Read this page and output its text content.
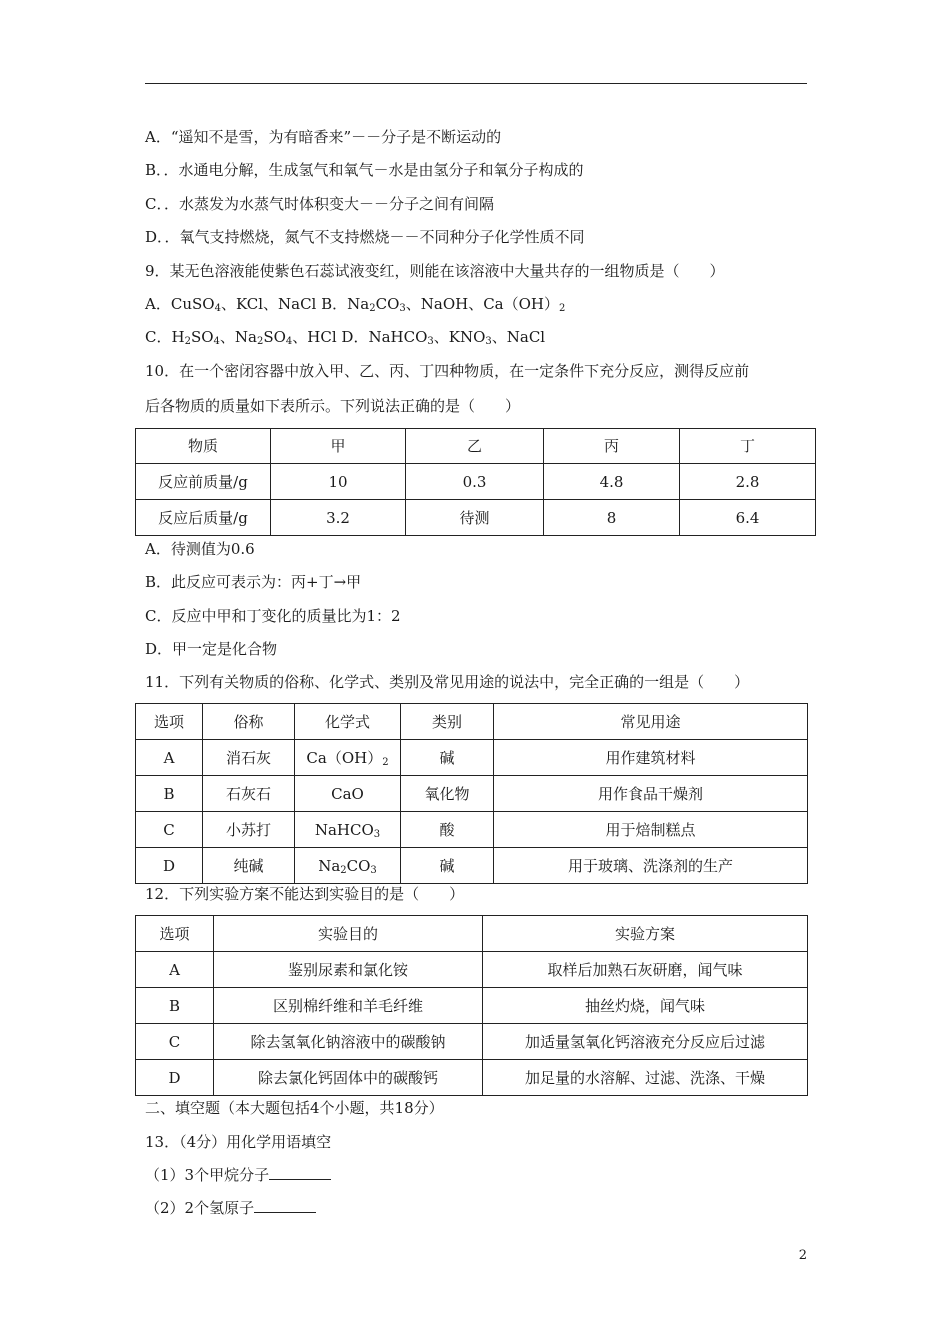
A．“遥知不是雪，为有暗香来”－－分子是不断运动的
B．．水通电分解，生成氢气和氧气－水是由氢分子和氧分子构成的
C．．水蒸发为水蒸气时体积变大－－分子之间有间隔
D．．氧气支持燃烧，氮气不支持燃烧－－不同种分子化学性质不同
9．某无色溶液能使紫色石蕊试液变红，则能在该溶液中大量共存的一组物质是（　　）
A．CuSO$_4$、KCl、NaCl B．$Na_2CO_3$、NaOH、$Ca(OH)_2$
C．$H_2SO_4$、$Na_2SO_4$、HCl D．NaHCO$_3$、$KNO_3$、NaCl
10．在一个密闭容器中放入甲、乙、丙、丁四种物质，在一定条件下充分反应，测得反应前
后各物质的质量如下表所示。下列说法正确的是（　　）
物质	甲	乙	丙	丁
反应前质量/g	10	0.3	4.8	2.8
反应后质量/g	3.2	待测	8	6.4
A．待测值为0.6
B．此反应可表示为：丙+丁→甲
C．反应中甲和丁变化的质量比为1：2
D．甲一定是化合物
11．下列有关物质的俗称、化学式、类别及常见用途的说法中，完全正确的一组是（　　）
选项	俗称	化学式	类别	常见用途
A	消石灰	$Ca(OH)_2$	碱	用作建筑材料
B	石灰石	CaO	氧化物	用作食品干燥剂
C	小苏打	NaHCO$_3$	酸	用于焙制糕点
D	纯碱	$Na_2CO_3$	碱	用于玻璃、洗涤剂的生产
12．下列实验方案不能达到实验目的是（　　）
选项	实验目的	实验方案
A	鉴别尿素和氯化铵	取样后加熟石灰研磨，闻气味
B	区别棉纤维和羊毛纤维	抽丝灼烧，闻气味
C	除去氢氧化钠溶液中的碳酸钠	加适量氢氧化钙溶液充分反应后过滤
D	除去氯化钙固体中的碳酸钙	加足量的水溶解、过滤、洗涤、干燥
二、填空题（本大题包括4个小题，共18分）
13．（4分）用化学用语填空
（1）3个甲烷分子
（2）2个氢原子
2
